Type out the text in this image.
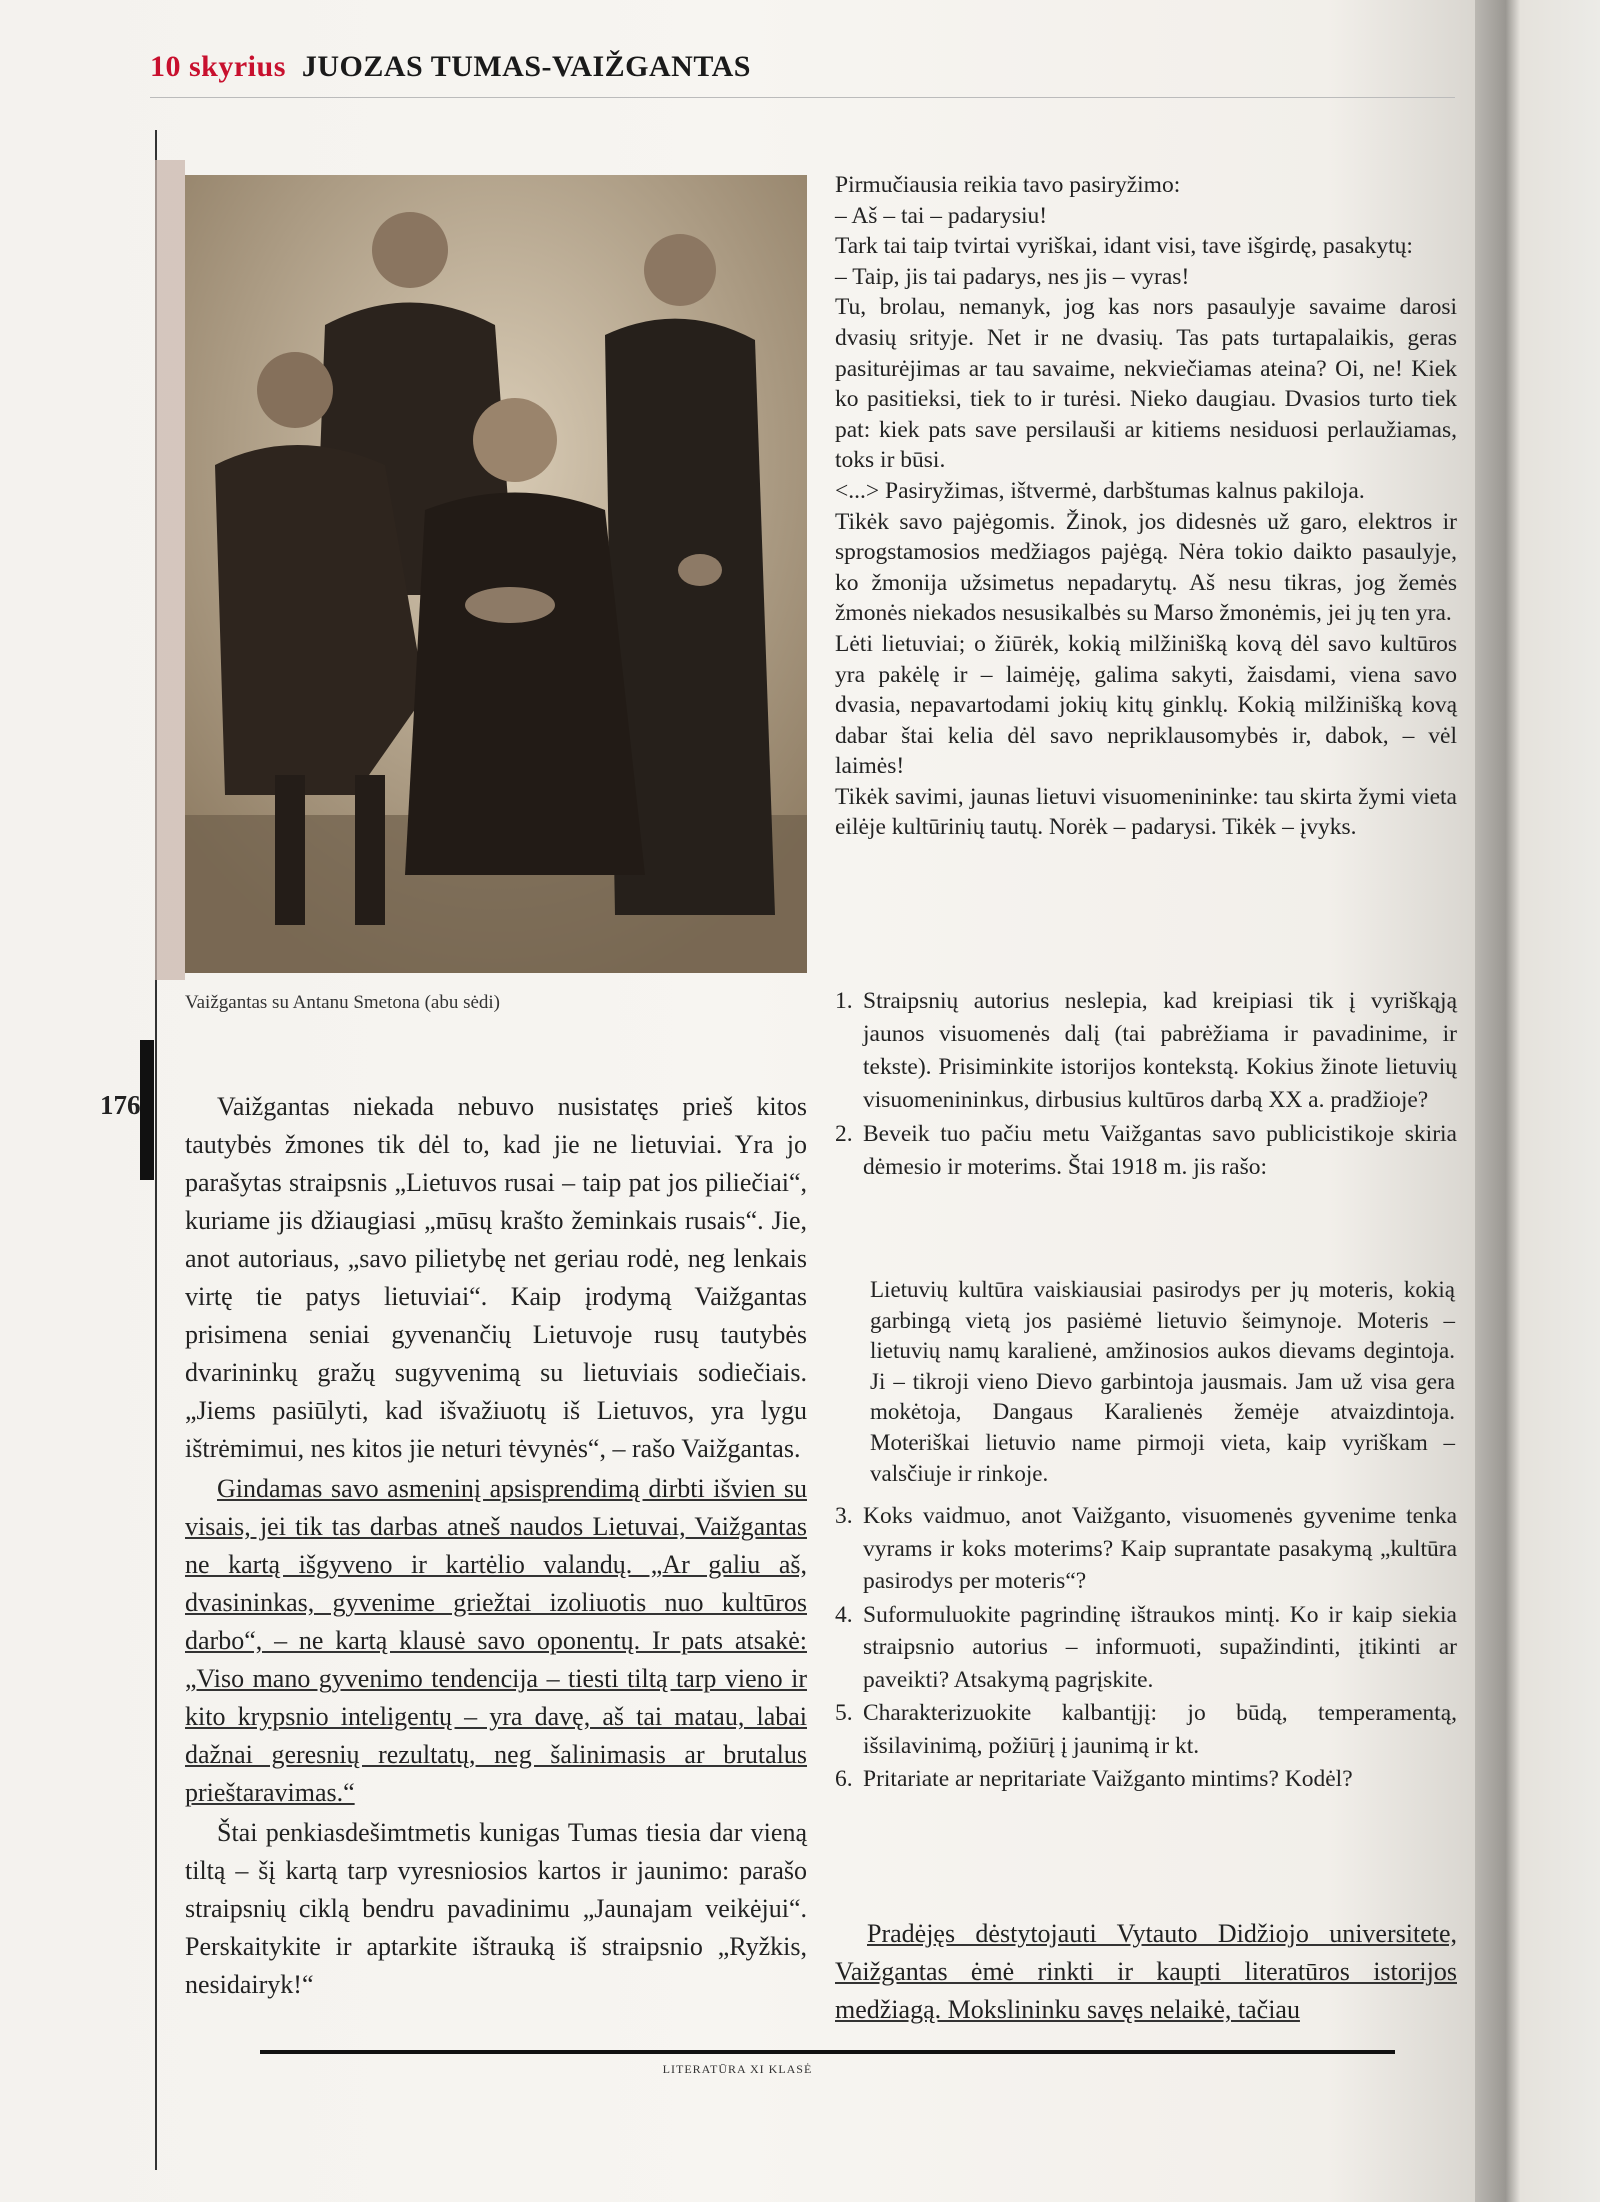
10 skyrius JUOZAS TUMAS-VAIŽGANTAS
176
Vaižgantas su Antanu Smetona (abu sėdi)

Vaižgantas niekada nebuvo nusistatęs prieš kitos tautybės žmones tik dėl to, kad jie ne lietuviai. Yra jo parašytas straipsnis „Lietuvos rusai – taip pat jos piliečiai“, kuriame jis džiaugiasi „mūsų krašto žeminkais rusais“. Jie, anot autoriaus, „savo pilietybę net geriau rodė, neg lenkais virtę tie patys lietuviai“. Kaip įrodymą Vaižgantas prisimena seniai gyvenančių Lietuvoje rusų tautybės dvarininkų gražų sugyvenimą su lietuviais sodiečiais. „Jiems pasiūlyti, kad išvažiuotų iš Lietuvos, yra lygu ištrėmimui, nes kitos jie neturi tėvynės“, – rašo Vaižgantas.

Gindamas savo asmeninį apsisprendimą dirbti išvien su visais, jei tik tas darbas atneš naudos Lietuvai, Vaižgantas ne kartą išgyveno ir kartėlio valandų. „Ar galiu aš, dvasininkas, gyvenime griežtai izoliuotis nuo kultūros darbo“, – ne kartą klausė savo oponentų. Ir pats atsakė: „Viso mano gyvenimo tendencija – tiesti tiltą tarp vieno ir kito krypsnio inteligentų – yra davę, aš tai matau, labai dažnai geresnių rezultatų, neg šalinimasis ar brutalus prieštaravimas.“

Štai penkiasdešimtmetis kunigas Tumas tiesia dar vieną tiltą – šį kartą tarp vyresniosios kartos ir jaunimo: parašo straipsnių ciklą bendru pavadinimu „Jaunajam veikėjui“. Perskaitykite ir aptarkite ištrauką iš straipsnio „Ryžkis, nesidairyk!“

Pirmučiausia reikia tavo pasiryžimo:

– Aš – tai – padarysiu!

Tark tai taip tvirtai vyriškai, idant visi, tave išgirdę, pasakytų:

– Taip, jis tai padarys, nes jis – vyras!

Tu, brolau, nemanyk, jog kas nors pasaulyje savaime darosi dvasių srityje. Net ir ne dvasių. Tas pats turtapalaikis, geras pasiturėjimas ar tau savaime, nekviečiamas ateina? Oi, ne! Kiek ko pasitieksi, tiek to ir turėsi. Nieko daugiau. Dvasios turto tiek pat: kiek pats save persilauši ar kitiems nesiduosi perlaužiamas, toks ir būsi.

<...> Pasiryžimas, ištvermė, darbštumas kalnus pakiloja.

Tikėk savo pajėgomis. Žinok, jos didesnės už garo, elektros ir sprogstamosios medžiagos pajėgą. Nėra tokio daikto pasaulyje, ko žmonija užsimetus nepadarytų. Aš nesu tikras, jog žemės žmonės niekados nesusikalbės su Marso žmonėmis, jei jų ten yra.

Lėti lietuviai; o žiūrėk, kokią milžinišką kovą dėl savo kultūros yra pakėlę ir – laimėję, galima sakyti, žaisdami, viena savo dvasia, nepavartodami jokių kitų ginklų. Kokią milžinišką kovą dabar štai kelia dėl savo nepriklausomybės ir, dabok, – vėl laimės!

Tikėk savimi, jaunas lietuvi visuomenininke: tau skirta žymi vieta eilėje kultūrinių tautų. Norėk – padarysi. Tikėk – įvyks.

1. Straipsnių autorius neslepia, kad kreipiasi tik į vyriškąją jaunos visuomenės dalį (tai pabrėžiama ir pavadinime, ir tekste). Prisiminkite istorijos kontekstą. Kokius žinote lietuvių visuomenininkus, dirbusius kultūros darbą XX a. pradžioje?
2. Beveik tuo pačiu metu Vaižgantas savo publicistikoje skiria dėmesio ir moterims. Štai 1918 m. jis rašo:
Lietuvių kultūra vaiskiausiai pasirodys per jų moteris, kokią garbingą vietą jos pasiėmė lietuvio šeimynoje. Moteris – lietuvių namų karalienė, amžinosios aukos dievams degintoja. Ji – tikroji vieno Dievo garbintoja jausmais. Jam už visa gera mokėtoja, Dangaus Karalienės žemėje atvaizdintoja. Moteriškai lietuvio name pirmoji vieta, kaip vyriškam – valsčiuje ir rinkoje.
3. Koks vaidmuo, anot Vaižganto, visuomenės gyvenime tenka vyrams ir koks moterims? Kaip suprantate pasakymą „kultūra pasirodys per moteris“?
4. Suformuluokite pagrindinę ištraukos mintį. Ko ir kaip siekia straipsnio autorius – informuoti, supažindinti, įtikinti ar paveikti? Atsakymą pagrįskite.
5. Charakterizuokite kalbantįjį: jo būdą, temperamentą, išsilavinimą, požiūrį į jaunimą ir kt.
6. Pritariate ar nepritariate Vaižganto mintims? Kodėl?
Pradėjęs dėstytojauti Vytauto Didžiojo universitete, Vaižgantas ėmė rinkti ir kaupti literatūros istorijos medžiagą. Mokslininku savęs nelaikė, tačiau
LITERATŪRA XI KLASĖ
